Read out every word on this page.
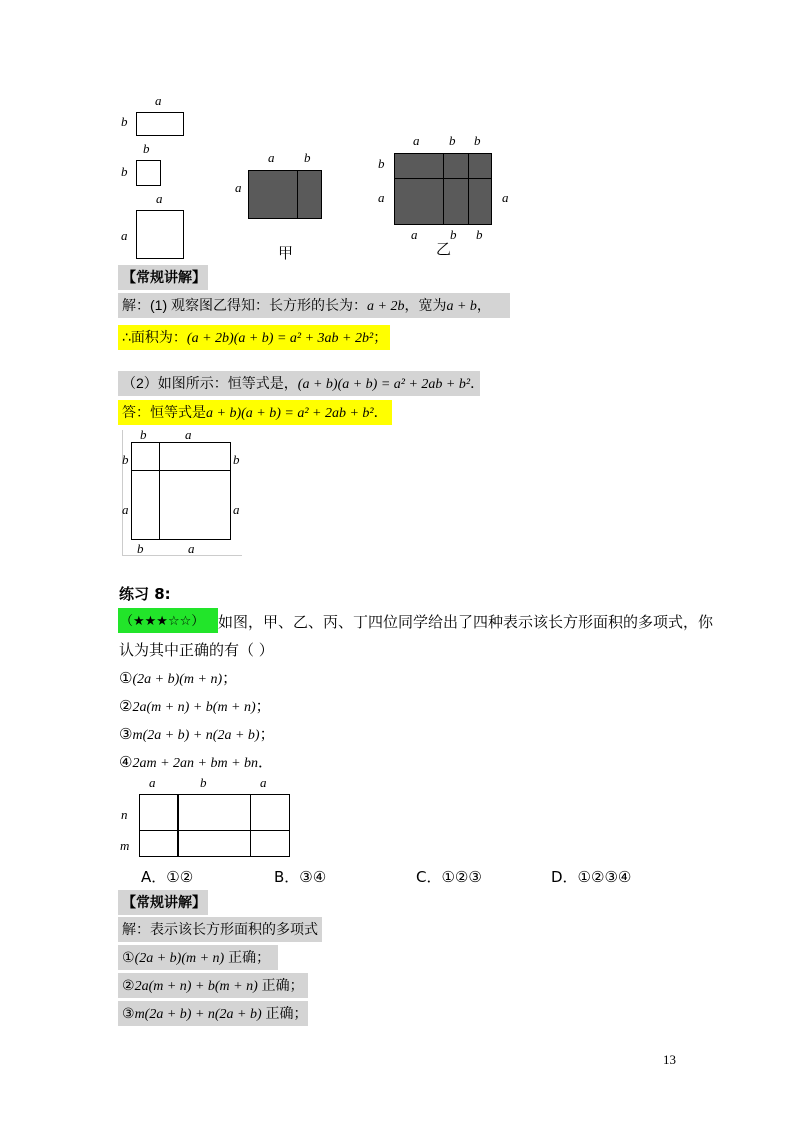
a
b
b
b
a
a
a b
a
甲
a b b
b
a	a
a	b b
乙
【常规讲解】
解：(1) 观察图乙得知：长方形的长为：a + 2b，宽为a + b，
∴面积为：(a + 2b)(a + b) = a² + 3ab + 2b²；
（2）如图所示：恒等式是，(a + b)(a + b) = a² + 2ab + b²．
答：恒等式是a + b)(a + b) = a² + 2ab + b²．
b	a
b	b
a	a
b	a
练习 8:
（★★★☆☆） 如图，甲、乙、丙、丁四位同学给出了四种表示该长方形面积的多项式，你
认为其中正确的有（ ）
①(2a + b)(m + n)；
②2a(m + n) + b(m + n)；
③m(2a + b) + n(2a + b)；
④2am + 2an + bm + bn．
a	b	a
n
m
A．①②	B．③④	C．①②③	D．①②③④
【常规讲解】
解：表示该长方形面积的多项式
①(2a + b)(m + n) 正确；
②2a(m + n) + b(m + n) 正确；
③m(2a + b) + n(2a + b) 正确；
13
